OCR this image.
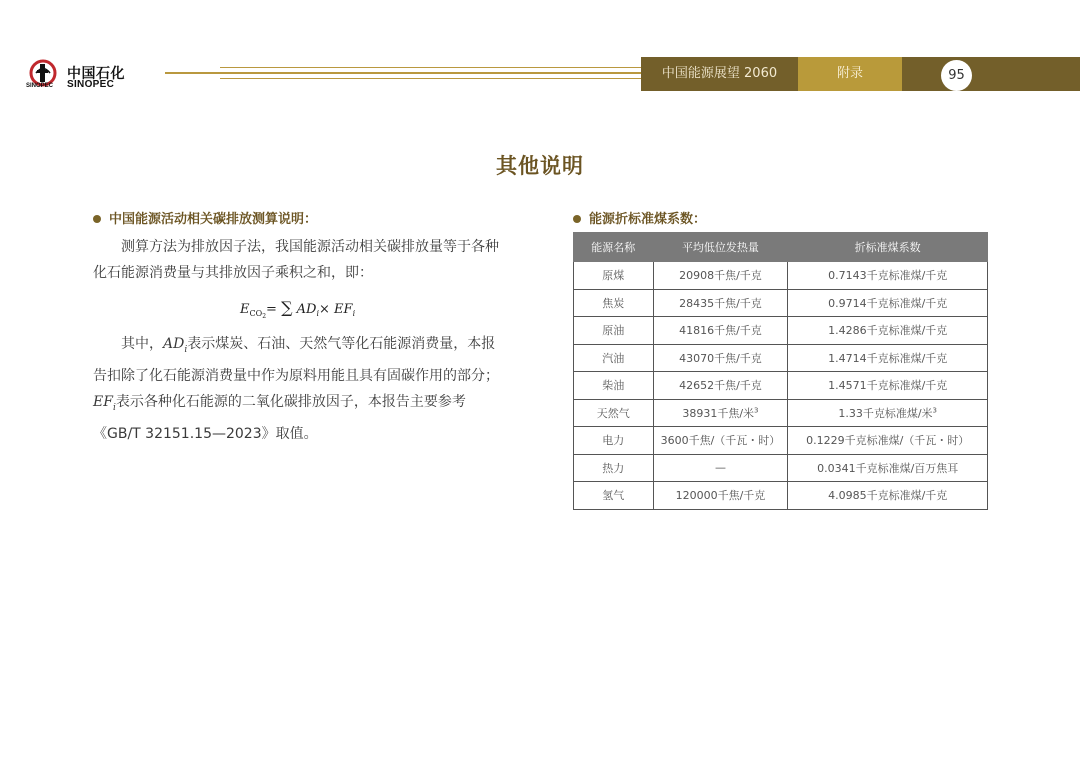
中国石化
SINOPEC
SINOPEC
中国能源展望 2060	附录	95
其他说明
中国能源活动相关碳排放测算说明：
测算方法为排放因子法，我国能源活动相关碳排放量等于各种化石能源消费量与其排放因子乘积之和，即：
$E_{CO_2}=$ ∑ $AD_i\times EF_i$
其中，$AD_i$表示煤炭、石油、天然气等化石能源消费量，本报告扣除了化石能源消费量中作为原料用能且具有固碳作用的部分；$EF_i$表示各种化石能源的二氧化碳排放因子，本报告主要参考《GB/T 32151.15—2023》取值。
能源折标准煤系数：
能源名称	平均低位发热量	折标准煤系数
原煤	20908千焦/千克	0.7143千克标准煤/千克
焦炭	28435千焦/千克	0.9714千克标准煤/千克
原油	41816千焦/千克	1.4286千克标准煤/千克
汽油	43070千焦/千克	1.4714千克标准煤/千克
柴油	42652千焦/千克	1.4571千克标准煤/千克
天然气	38931千焦/米$^3$	1.33千克标准煤/米$^3$
电力	3600千焦/（千瓦・时）	0.1229千克标准煤/（千瓦・时）
热力	—	0.0341千克标准煤/百万焦耳
氢气	120000千焦/千克	4.0985千克标准煤/千克
